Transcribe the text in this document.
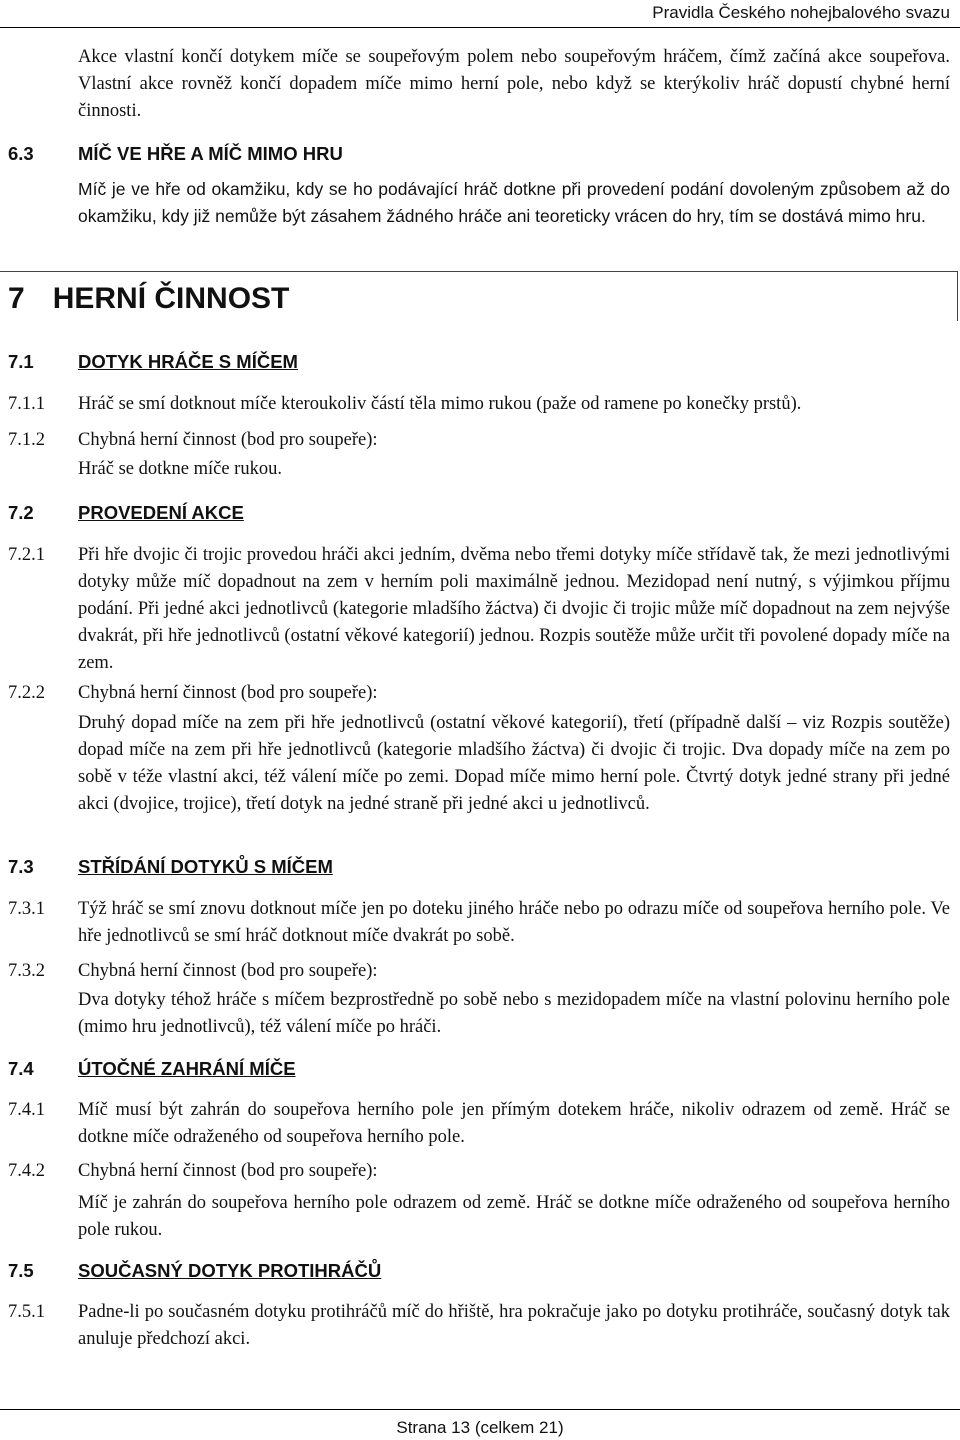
Pravidla Českého nohejbalového svazu

Akce vlastní končí dotykem míče se soupeřovým polem nebo soupeřovým hráčem, čímž začíná akce soupeřova. Vlastní akce rovněž končí dopadem míče mimo herní pole, nebo když se kterýkoliv hráč dopustí chybné herní činnosti.

6.3 MÍČ VE HŘE A MÍČ MIMO HRU

Míč je ve hře od okamžiku, kdy se ho podávající hráč dotkne při provedení podání dovoleným způsobem až do okamžiku, kdy již nemůže být zásahem žádného hráče ani teoreticky vrácen do hry, tím se dostává mimo hru.

7 HERNÍ ČINNOST
7.1 DOTYK HRÁČE S MÍČEM
7.1.1 Hráč se smí dotknout míče kteroukoliv částí těla mimo rukou (paže od ramene po konečky prstů).

7.1.2 Chybná herní činnost (bod pro soupeře):

Hráč se dotkne míče rukou.

7.2 PROVEDENÍ AKCE
7.2.1 Při hře dvojic či trojic provedou hráči akci jedním, dvěma nebo třemi dotyky míče střídavě tak, že mezi jednotlivými dotyky může míč dopadnout na zem v herním poli maximálně jednou. Mezidopad není nutný, s výjimkou příjmu podání. Při jedné akci jednotlivců (kategorie mladšího žáctva) či dvojic či trojic může míč dopadnout na zem nejvýše dvakrát, při hře jednotlivců (ostatní věkové kategorií) jednou. Rozpis soutěže může určit tři povolené dopady míče na zem.

7.2.2 Chybná herní činnost (bod pro soupeře):

Druhý dopad míče na zem při hře jednotlivců (ostatní věkové kategorií), třetí (případně další – viz Rozpis soutěže) dopad míče na zem při hře jednotlivců (kategorie mladšího žáctva) či dvojic či trojic. Dva dopady míče na zem po sobě v téže vlastní akci, též válení míče po zemi. Dopad míče mimo herní pole. Čtvrtý dotyk jedné strany při jedné akci (dvojice, trojice), třetí dotyk na jedné straně při jedné akci u jednotlivců.

7.3 STŘÍDÁNÍ DOTYKŮ S MÍČEM
7.3.1 Týž hráč se smí znovu dotknout míče jen po doteku jiného hráče nebo po odrazu míče od soupeřova herního pole. Ve hře jednotlivců se smí hráč dotknout míče dvakrát po sobě.

7.3.2 Chybná herní činnost (bod pro soupeře):

Dva dotyky téhož hráče s míčem bezprostředně po sobě nebo s mezidopadem míče na vlastní polovinu herního pole (mimo hru jednotlivců), též válení míče po hráči.

7.4 ÚTOČNÉ ZAHRÁNÍ MÍČE
7.4.1 Míč musí být zahrán do soupeřova herního pole jen přímým dotekem hráče, nikoliv odrazem od země. Hráč se dotkne míče odraženého od soupeřova herního pole.

7.4.2 Chybná herní činnost (bod pro soupeře):

Míč je zahrán do soupeřova herního pole odrazem od země. Hráč se dotkne míče odraženého od soupeřova herního pole rukou.

7.5 SOUČASNÝ DOTYK PROTIHRÁČŮ
7.5.1 Padne-li po současném dotyku protihráčů míč do hřiště, hra pokračuje jako po dotyku protihráče, současný dotyk tak anuluje předchozí akci.

Strana 13 (celkem 21)
